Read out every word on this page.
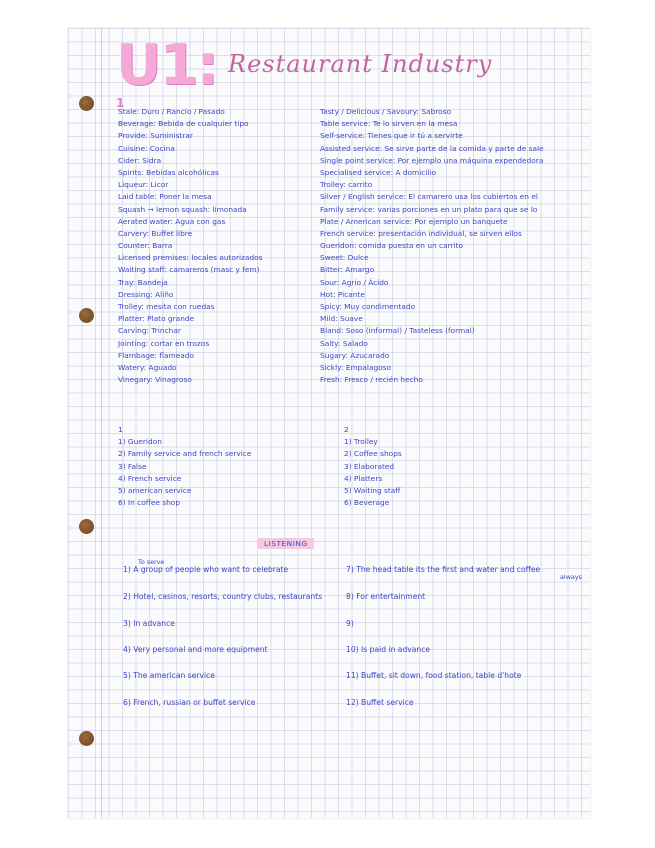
U1: Restaurant Industry
1
Stale: Duro / Rancio / Pasado
Beverage: Bebida de cualquier tipo
Provide: Suministrar
Cuisine: Cocina
Cider: Sidra
Spirits: Bebidas alcohólicas
Liqueur: Licor
Laid table: Poner la mesa
Squash → lemon squash: limonada
Aerated water: Agua con gas
Carvery: Buffet libre
Counter: Barra
Licensed premises: locales autorizados
Waiting staff: camareros (masc y fem)
Tray: Bandeja
Dressing: Aliño
Trolley: mesita con ruedas
Platter: Plato grande
Carving: Trinchar
Jointing: cortar en trozos
Flambage: flameado
Watery: Aguado
Vinegary: Vinagroso
Tasty / Delicious / Savoury: Sabroso
Table service: Te lo sirven en la mesa
Self-service: Tienes que ir tú a servirte
Assisted service: Se sirve parte de la comida y parte de sale
Single point service: Por ejemplo una máquina expendedora
Specialised service: A domicilio
Trolley: carrito
Silver / English service: El camarero usa los cubiertos en el
Family service: varias porciones en un plato para que se lo
Plate / American service: Por ejemplo un banquete
French service: presentación individual, se sirven ellos
Gueridon: comida puesta en un carrito
Sweet: Dulce
Bitter: Amargo
Sour: Agrio / Ácido
Hot: Picante
Spicy: Muy condimentado
Mild: Suave
Bland: Soso (informal) / Tasteless (formal)
Salty: Salado
Sugary: Azucarado
Sickly: Empalagoso
Fresh: Fresco / recién hecho
1
1) Gueridon
2) Family service and french service
3) False
4) French service
5) american service
6) In coffee shop
2
1) Trolley
2) Coffee shops
3) Elaborated
4) Platters
5) Waiting staff
6) Beverage
LISTENING
To serve
always
1) A group of people who want to celebrate
2) Hotel, casinos, resorts, country clubs, restaurants
3) In advance
4) Very personal and more equipment
5) The american service
6) French, russian or buffet service
7) The head table its the first and water and coffee
8) For entertainment
9)
10) Is paid in advance
11) Buffet, sit down, food station, table d'hote
12) Buffet service
